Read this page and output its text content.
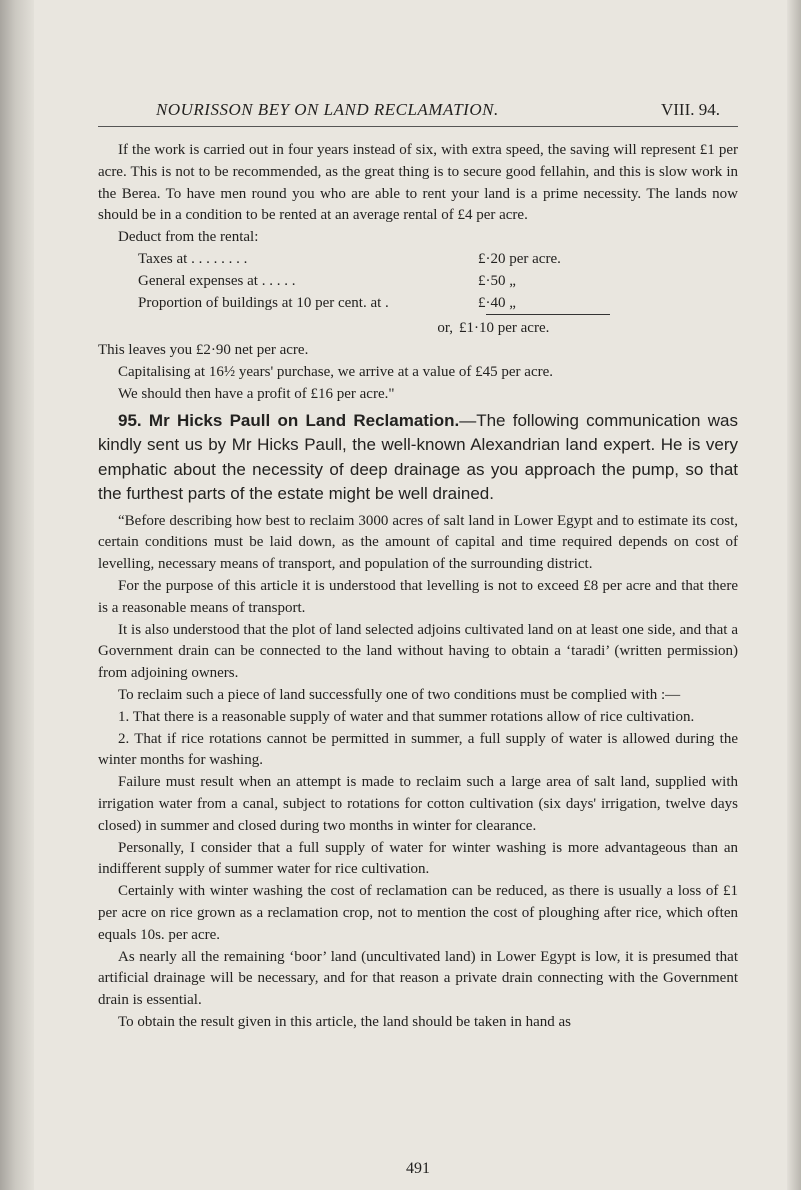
NOURISSON BEY ON LAND RECLAMATION.	VIII. 94.

If the work is carried out in four years instead of six, with extra speed, the saving will represent £1 per acre. This is not to be recommended, as the great thing is to secure good fellahin, and this is slow work in the Berea. To have men round you who are able to rent your land is a prime necessity. The lands now should be in a condition to be rented at an average rental of £4 per acre.

Deduct from the rental:
Taxes at . . . . . . . .	£·20 per acre.
General expenses at . . . . .	£·50 „
Proportion of buildings at 10 per cent. at .	£·40 „
or, £1·10 per acre.

This leaves you £2·90 net per acre.

Capitalising at 16½ years' purchase, we arrive at a value of £45 per acre.

We should then have a profit of £16 per acre."

95. Mr Hicks Paull on Land Reclamation.—The following communication was kindly sent us by Mr Hicks Paull, the well-known Alexandrian land expert. He is very emphatic about the necessity of deep drainage as you approach the pump, so that the furthest parts of the estate might be well drained.

“Before describing how best to reclaim 3000 acres of salt land in Lower Egypt and to estimate its cost, certain conditions must be laid down, as the amount of capital and time required depends on cost of levelling, necessary means of transport, and population of the surrounding district.

For the purpose of this article it is understood that levelling is not to exceed £8 per acre and that there is a reasonable means of transport.

It is also understood that the plot of land selected adjoins cultivated land on at least one side, and that a Government drain can be connected to the land without having to obtain a ‘taradi’ (written permission) from adjoining owners.

To reclaim such a piece of land successfully one of two conditions must be complied with :—

1. That there is a reasonable supply of water and that summer rotations allow of rice cultivation.

2. That if rice rotations cannot be permitted in summer, a full supply of water is allowed during the winter months for washing.

Failure must result when an attempt is made to reclaim such a large area of salt land, supplied with irrigation water from a canal, subject to rotations for cotton cultivation (six days' irrigation, twelve days closed) in summer and closed during two months in winter for clearance.

Personally, I consider that a full supply of water for winter washing is more advantageous than an indifferent supply of summer water for rice cultivation.

Certainly with winter washing the cost of reclamation can be reduced, as there is usually a loss of £1 per acre on rice grown as a reclamation crop, not to mention the cost of ploughing after rice, which often equals 10s. per acre.

As nearly all the remaining ‘boor’ land (uncultivated land) in Lower Egypt is low, it is presumed that artificial drainage will be necessary, and for that reason a private drain connecting with the Government drain is essential.

To obtain the result given in this article, the land should be taken in hand as

491
